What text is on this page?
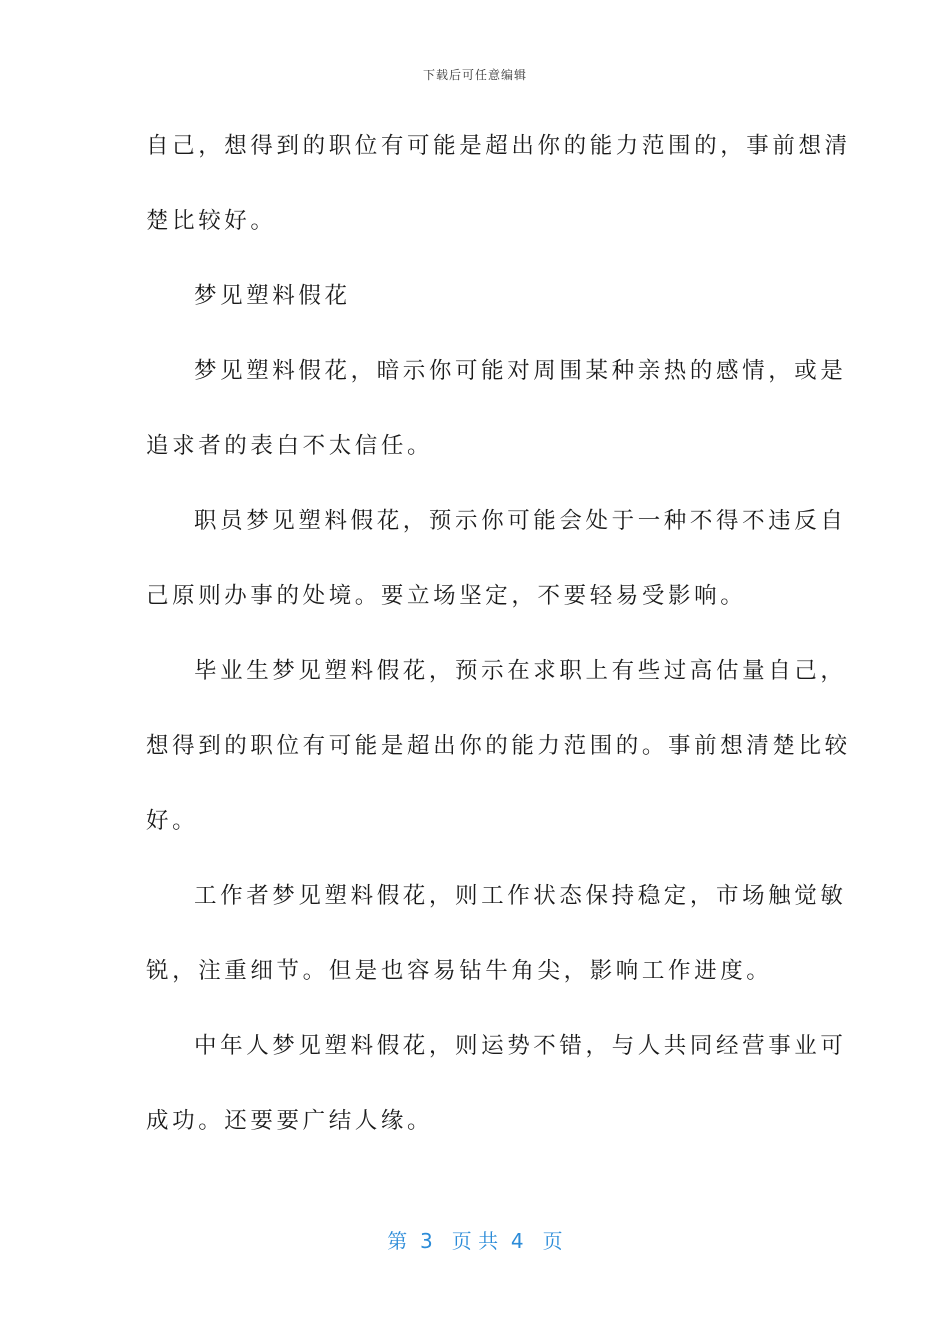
下载后可任意编辑
自己，想得到的职位有可能是超出你的能力范围的，事前想清
楚比较好。
梦见塑料假花
梦见塑料假花，暗示你可能对周围某种亲热的感情，或是
追求者的表白不太信任。
职员梦见塑料假花，预示你可能会处于一种不得不违反自
己原则办事的处境。要立场坚定，不要轻易受影响。
毕业生梦见塑料假花，预示在求职上有些过高估量自己，
想得到的职位有可能是超出你的能力范围的。事前想清楚比较
好。
工作者梦见塑料假花，则工作状态保持稳定，市场触觉敏
锐，注重细节。但是也容易钻牛角尖，影响工作进度。
中年人梦见塑料假花，则运势不错，与人共同经营事业可
成功。还要要广结人缘。
第  3   页 共  4   页
